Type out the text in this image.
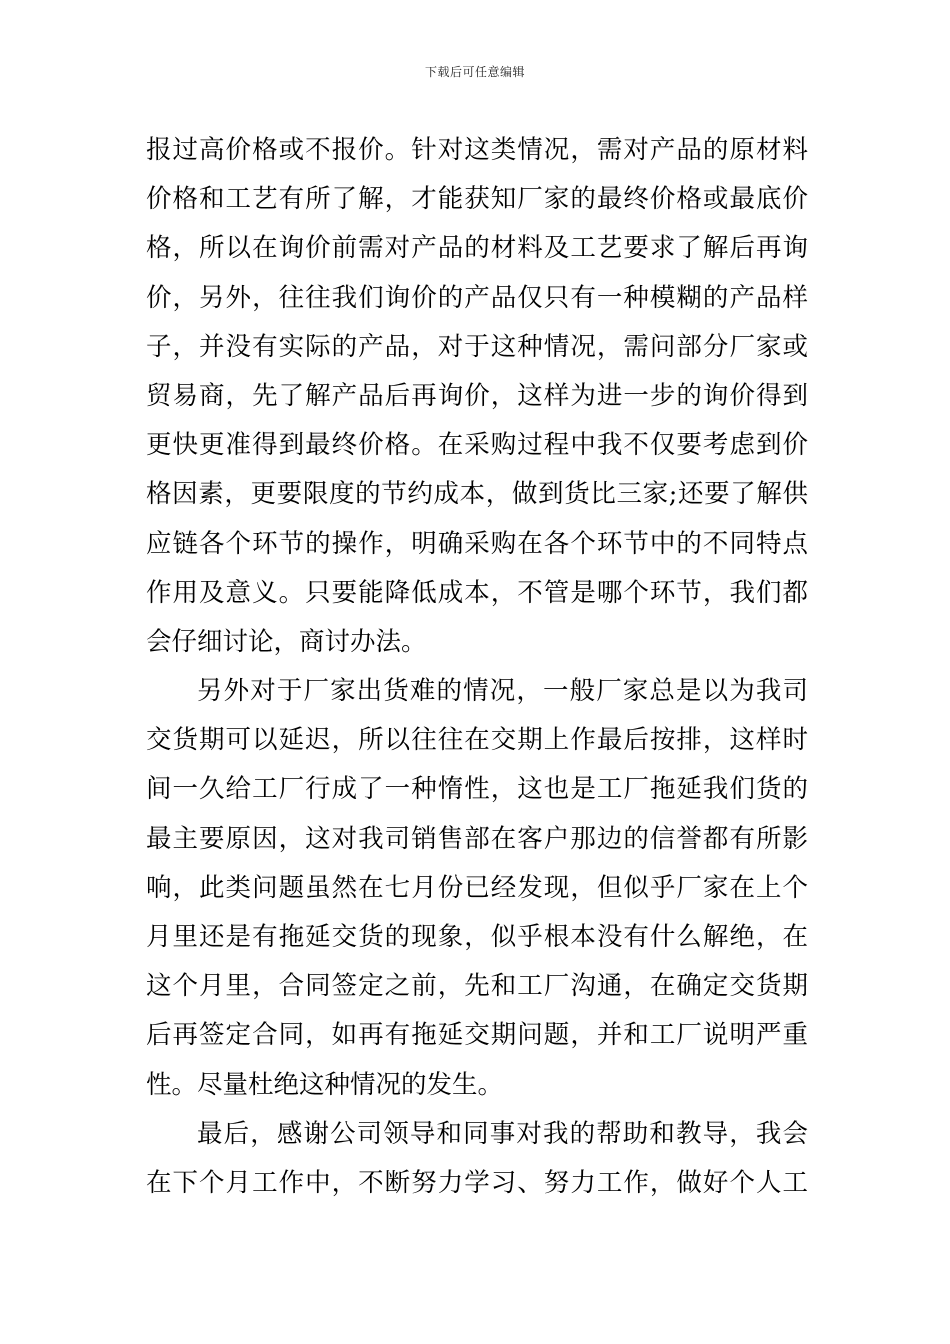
下载后可任意编辑
报过高价格或不报价。针对这类情况，需对产品的原材料
价格和工艺有所了解，才能获知厂家的最终价格或最底价
格，所以在询价前需对产品的材料及工艺要求了解后再询
价，另外，往往我们询价的产品仅只有一种模糊的产品样
子，并没有实际的产品，对于这种情况，需问部分厂家或
贸易商，先了解产品后再询价，这样为进一步的询价得到
更快更准得到最终价格。在采购过程中我不仅要考虑到价
格因素，更要限度的节约成本，做到货比三家;还要了解供
应链各个环节的操作，明确采购在各个环节中的不同特点
作用及意义。只要能降低成本，不管是哪个环节，我们都
会仔细讨论，商讨办法。
另外对于厂家出货难的情况，一般厂家总是以为我司
交货期可以延迟，所以往往在交期上作最后按排，这样时
间一久给工厂行成了一种惰性，这也是工厂拖延我们货的
最主要原因，这对我司销售部在客户那边的信誉都有所影
响，此类问题虽然在七月份已经发现，但似乎厂家在上个
月里还是有拖延交货的现象，似乎根本没有什么解绝，在
这个月里，合同签定之前，先和工厂沟通，在确定交货期
后再签定合同，如再有拖延交期问题，并和工厂说明严重
性。尽量杜绝这种情况的发生。
最后，感谢公司领导和同事对我的帮助和教导，我会
在下个月工作中，不断努力学习、努力工作，做好个人工
